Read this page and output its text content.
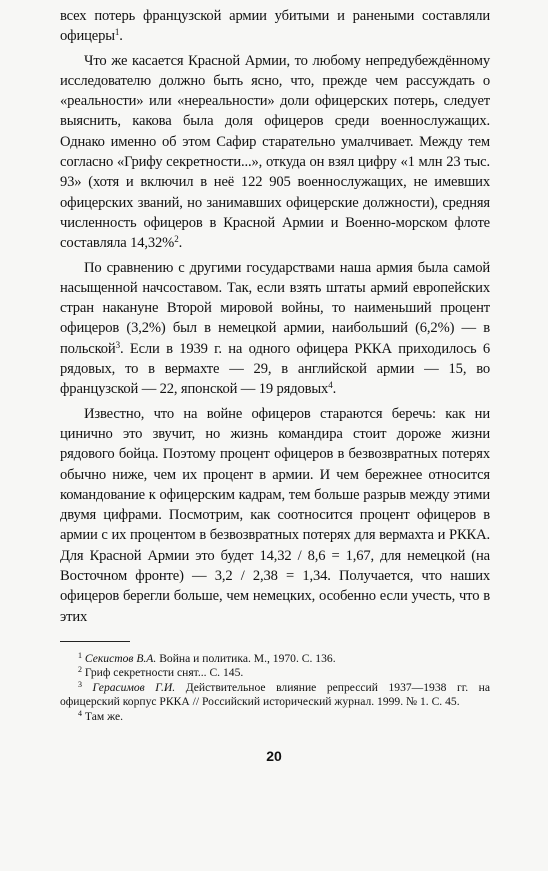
всех потерь французской армии убитыми и ранеными составляли офицеры$^1$.

Что же касается Красной Армии, то любому непредубеждённому исследователю должно быть ясно, что, прежде чем рассуждать о «реальности» или «нереальности» доли офицерских потерь, следует выяснить, какова была доля офицеров среди военнослужащих. Однако именно об этом Сафир старательно умалчивает. Между тем согласно «Грифу секретности...», откуда он взял цифру «1 млн 23 тыс. 93» (хотя и включил в неё 122 905 военнослужащих, не имевших офицерских званий, но занимавших офицерские должности), средняя численность офицеров в Красной Армии и Военно-морском флоте составляла 14,32%$^2$.

По сравнению с другими государствами наша армия была самой насыщенной начсоставом. Так, если взять штаты армий европейских стран накануне Второй мировой войны, то наименьший процент офицеров (3,2%) был в немецкой армии, наибольший (6,2%) — в польской$^3$. Если в 1939 г. на одного офицера РККА приходилось 6 рядовых, то в вермахте — 29, в английской армии — 15, во французской — 22, японской — 19 рядовых$^4$.

Известно, что на войне офицеров стараются беречь: как ни цинично это звучит, но жизнь командира стоит дороже жизни рядового бойца. Поэтому процент офицеров в безвозвратных потерях обычно ниже, чем их процент в армии. И чем бережнее относится командование к офицерским кадрам, тем больше разрыв между этими двумя цифрами. Посмотрим, как соотносится процент офицеров в армии с их процентом в безвозвратных потерях для вермахта и РККА. Для Красной Армии это будет 14,32 / 8,6 = 1,67, для немецкой (на Восточном фронте) — 3,2 / 2,38 = 1,34. Получается, что наших офицеров берегли больше, чем немецких, особенно если учесть, что в этих

$^1$ Секистов В.А. Война и политика. М., 1970. С. 136.

$^2$ Гриф секретности снят... С. 145.

$^3$ Герасимов Г.И. Действительное влияние репрессий 1937—1938 гг. на офицерский корпус РККА // Российский исторический журнал. 1999. № 1. С. 45.

$^4$ Там же.

20
